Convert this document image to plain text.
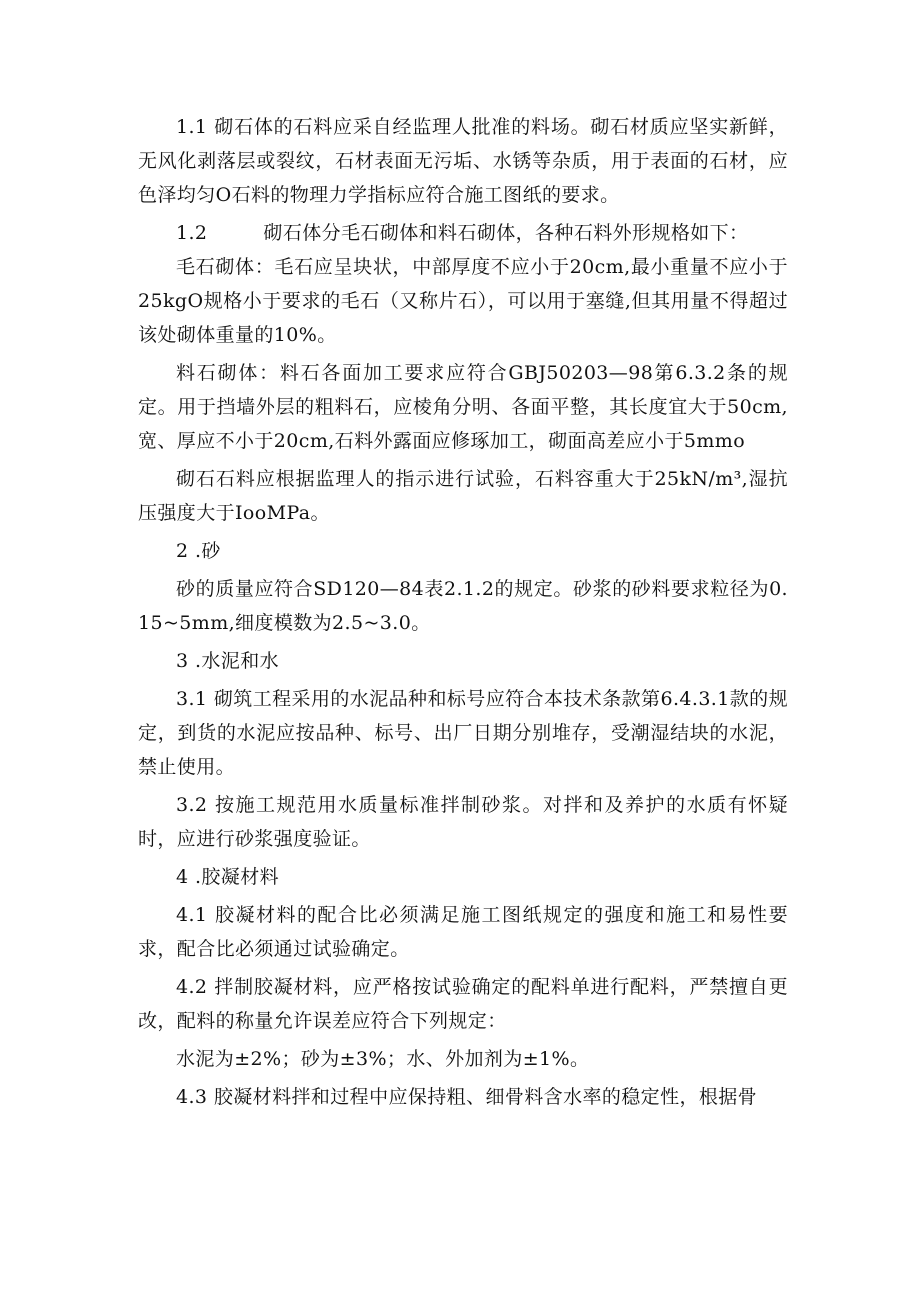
1.1 砌石体的石料应采自经监理人批准的料场。砌石材质应坚实新鲜，无风化剥落层或裂纹，石材表面无污垢、水锈等杂质，用于表面的石材，应色泽均匀O石料的物理力学指标应符合施工图纸的要求。

1.2	砌石体分毛石砌体和料石砌体，各种石料外形规格如下：

毛石砌体：毛石应呈块状，中部厚度不应小于20cm,最小重量不应小于25kgO规格小于要求的毛石（又称片石），可以用于塞缝,但其用量不得超过该处砌体重量的10%。

料石砌体：料石各面加工要求应符合GBJ50203—98第6.3.2条的规定。用于挡墙外层的粗料石，应棱角分明、各面平整，其长度宜大于50cm,宽、厚应不小于20cm,石料外露面应修琢加工，砌面高差应小于5mmo

砌石石料应根据监理人的指示进行试验，石料容重大于25kN∕m³,湿抗压强度大于IooMPa。

2 .砂

砂的质量应符合SD120—84表2.1.2的规定。砂浆的砂料要求粒径为0.15~5mm,细度模数为2.5~3.0。

3 .水泥和水

3.1 砌筑工程采用的水泥品种和标号应符合本技术条款第6.4.3.1款的规定，到货的水泥应按品种、标号、出厂日期分别堆存，受潮湿结块的水泥，禁止使用。

3.2 按施工规范用水质量标准拌制砂浆。对拌和及养护的水质有怀疑时，应进行砂浆强度验证。

4 .胶凝材料

4.1 胶凝材料的配合比必须满足施工图纸规定的强度和施工和易性要求，配合比必须通过试验确定。

4.2 拌制胶凝材料，应严格按试验确定的配料单进行配料，严禁擅自更改，配料的称量允许误差应符合下列规定：

水泥为±2%；砂为±3%；水、外加剂为±1%。

4.3 胶凝材料拌和过程中应保持粗、细骨料含水率的稳定性，根据骨
